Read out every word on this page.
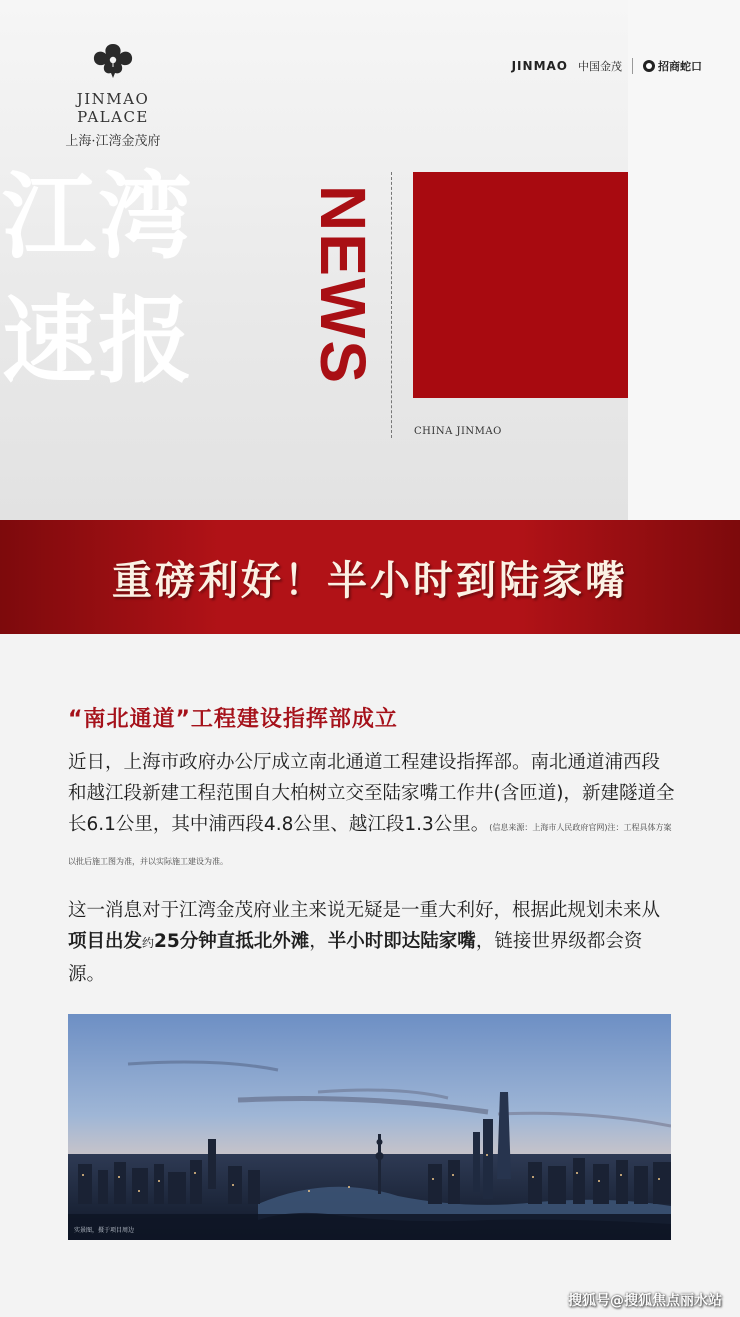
JINMAO PALACE
上海·江湾金茂府
JINMAO 中国金茂	招商蛇口
NEWS
江湾
速报
CHINA JINMAO
重磅利好！半小时到陆家嘴
“南北通道”工程建设指挥部成立

近日，上海市政府办公厅成立南北通道工程建设指挥部。南北通道浦西段和越江段新建工程范围自大柏树立交至陆家嘴工作井(含匝道)，新建隧道全长6.1公里，其中浦西段4.8公里、越江段1.3公里。(信息来源：上海市人民政府官网)注：工程具体方案以批后施工图为准，并以实际施工建设为准。

这一消息对于江湾金茂府业主来说无疑是一重大利好，根据此规划未来从项目出发约25分钟直抵北外滩，半小时即达陆家嘴，链接世界级都会资源。

实景图，摄于项目周边
搜狐号@搜狐焦点丽水站
